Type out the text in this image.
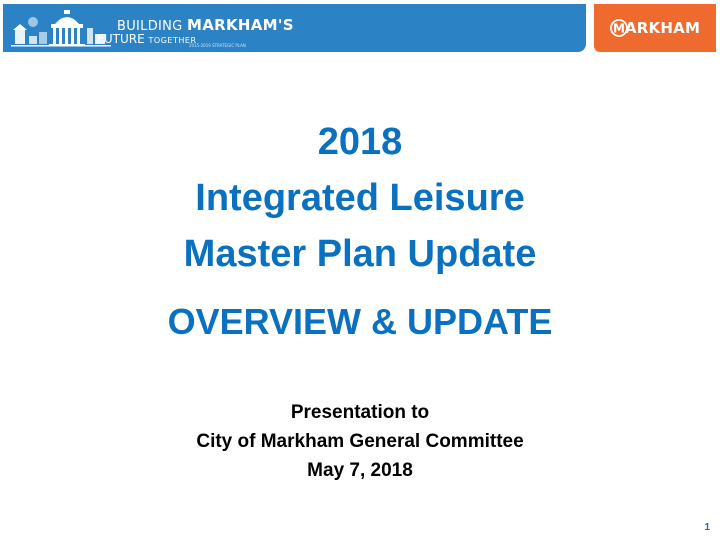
BUILDING MARKHAM'S
FUTURE TOGETHER
2015-2019 STRATEGIC PLAN
M ARKHAM
2018
Integrated Leisure
Master Plan Update
OVERVIEW & UPDATE
Presentation to
City of Markham General Committee
May 7, 2018
1
